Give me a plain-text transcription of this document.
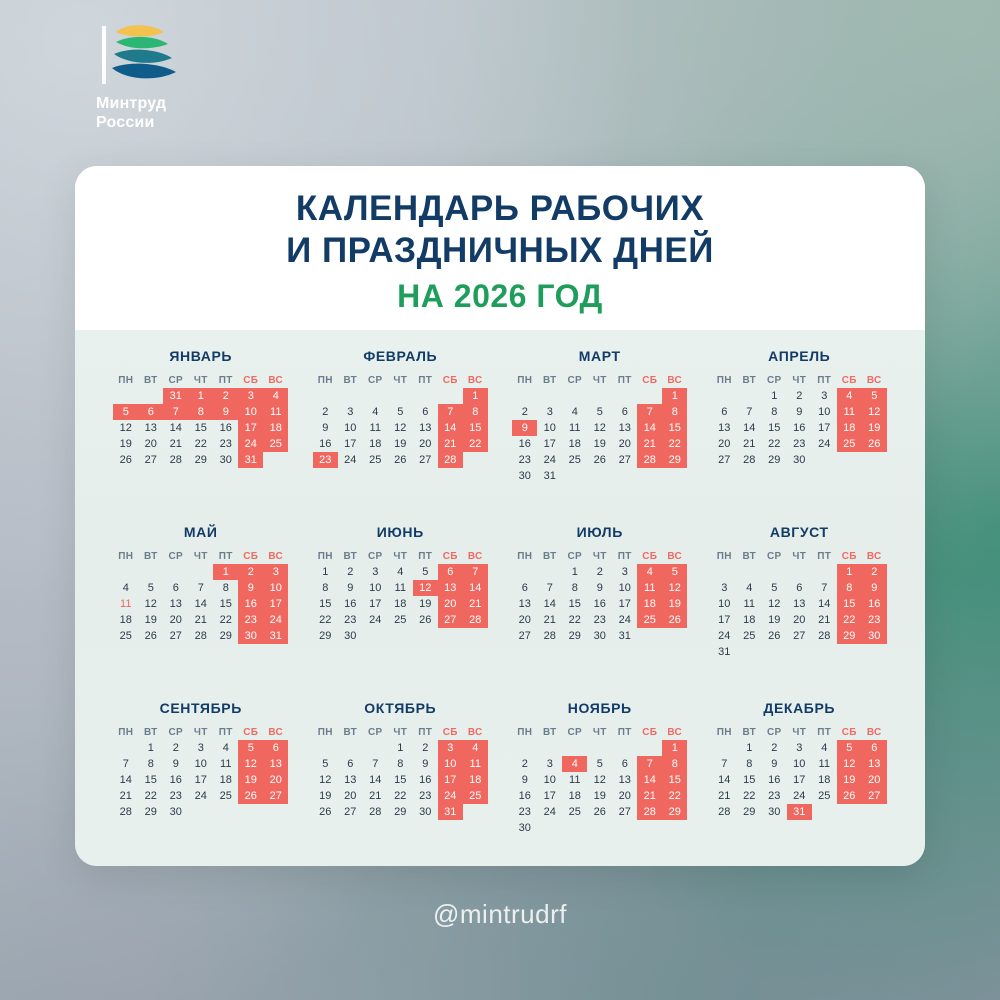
Минтруд
России
КАЛЕНДАРЬ РАБОЧИХ
И ПРАЗДНИЧНЫХ ДНЕЙ
НА 2026 ГОД
ЯНВАРЬ
ПН	ВТ	СР	ЧТ	ПТ	СБ	ВС
		31	1	2	3	4
5	6	7	8	9	10	11
12	13	14	15	16	17	18
19	20	21	22	23	24	25
26	27	28	29	30	31	
ФЕВРАЛЬ
ПН	ВТ	СР	ЧТ	ПТ	СБ	ВС
						1
2	3	4	5	6	7	8
9	10	11	12	13	14	15
16	17	18	19	20	21	22
23	24	25	26	27	28	
МАРТ
ПН	ВТ	СР	ЧТ	ПТ	СБ	ВС
						1
2	3	4	5	6	7	8
9	10	11	12	13	14	15
16	17	18	19	20	21	22
23	24	25	26	27	28	29
30	31					
АПРЕЛЬ
ПН	ВТ	СР	ЧТ	ПТ	СБ	ВС
		1	2	3	4	5
6	7	8	9	10	11	12
13	14	15	16	17	18	19
20	21	22	23	24	25	26
27	28	29	30			
МАЙ
ПН	ВТ	СР	ЧТ	ПТ	СБ	ВС
				1	2	3
4	5	6	7	8	9	10
11	12	13	14	15	16	17
18	19	20	21	22	23	24
25	26	27	28	29	30	31
ИЮНЬ
ПН	ВТ	СР	ЧТ	ПТ	СБ	ВС
1	2	3	4	5	6	7
8	9	10	11	12	13	14
15	16	17	18	19	20	21
22	23	24	25	26	27	28
29	30					
ИЮЛЬ
ПН	ВТ	СР	ЧТ	ПТ	СБ	ВС
		1	2	3	4	5
6	7	8	9	10	11	12
13	14	15	16	17	18	19
20	21	22	23	24	25	26
27	28	29	30	31		
АВГУСТ
ПН	ВТ	СР	ЧТ	ПТ	СБ	ВС
					1	2
3	4	5	6	7	8	9
10	11	12	13	14	15	16
17	18	19	20	21	22	23
24	25	26	27	28	29	30
31						
СЕНТЯБРЬ
ПН	ВТ	СР	ЧТ	ПТ	СБ	ВС
	1	2	3	4	5	6
7	8	9	10	11	12	13
14	15	16	17	18	19	20
21	22	23	24	25	26	27
28	29	30				
ОКТЯБРЬ
ПН	ВТ	СР	ЧТ	ПТ	СБ	ВС
			1	2	3	4
5	6	7	8	9	10	11
12	13	14	15	16	17	18
19	20	21	22	23	24	25
26	27	28	29	30	31	
НОЯБРЬ
ПН	ВТ	СР	ЧТ	ПТ	СБ	ВС
						1
2	3	4	5	6	7	8
9	10	11	12	13	14	15
16	17	18	19	20	21	22
23	24	25	26	27	28	29
30						
ДЕКАБРЬ
ПН	ВТ	СР	ЧТ	ПТ	СБ	ВС
	1	2	3	4	5	6
7	8	9	10	11	12	13
14	15	16	17	18	19	20
21	22	23	24	25	26	27
28	29	30	31			
@mintrudrf
